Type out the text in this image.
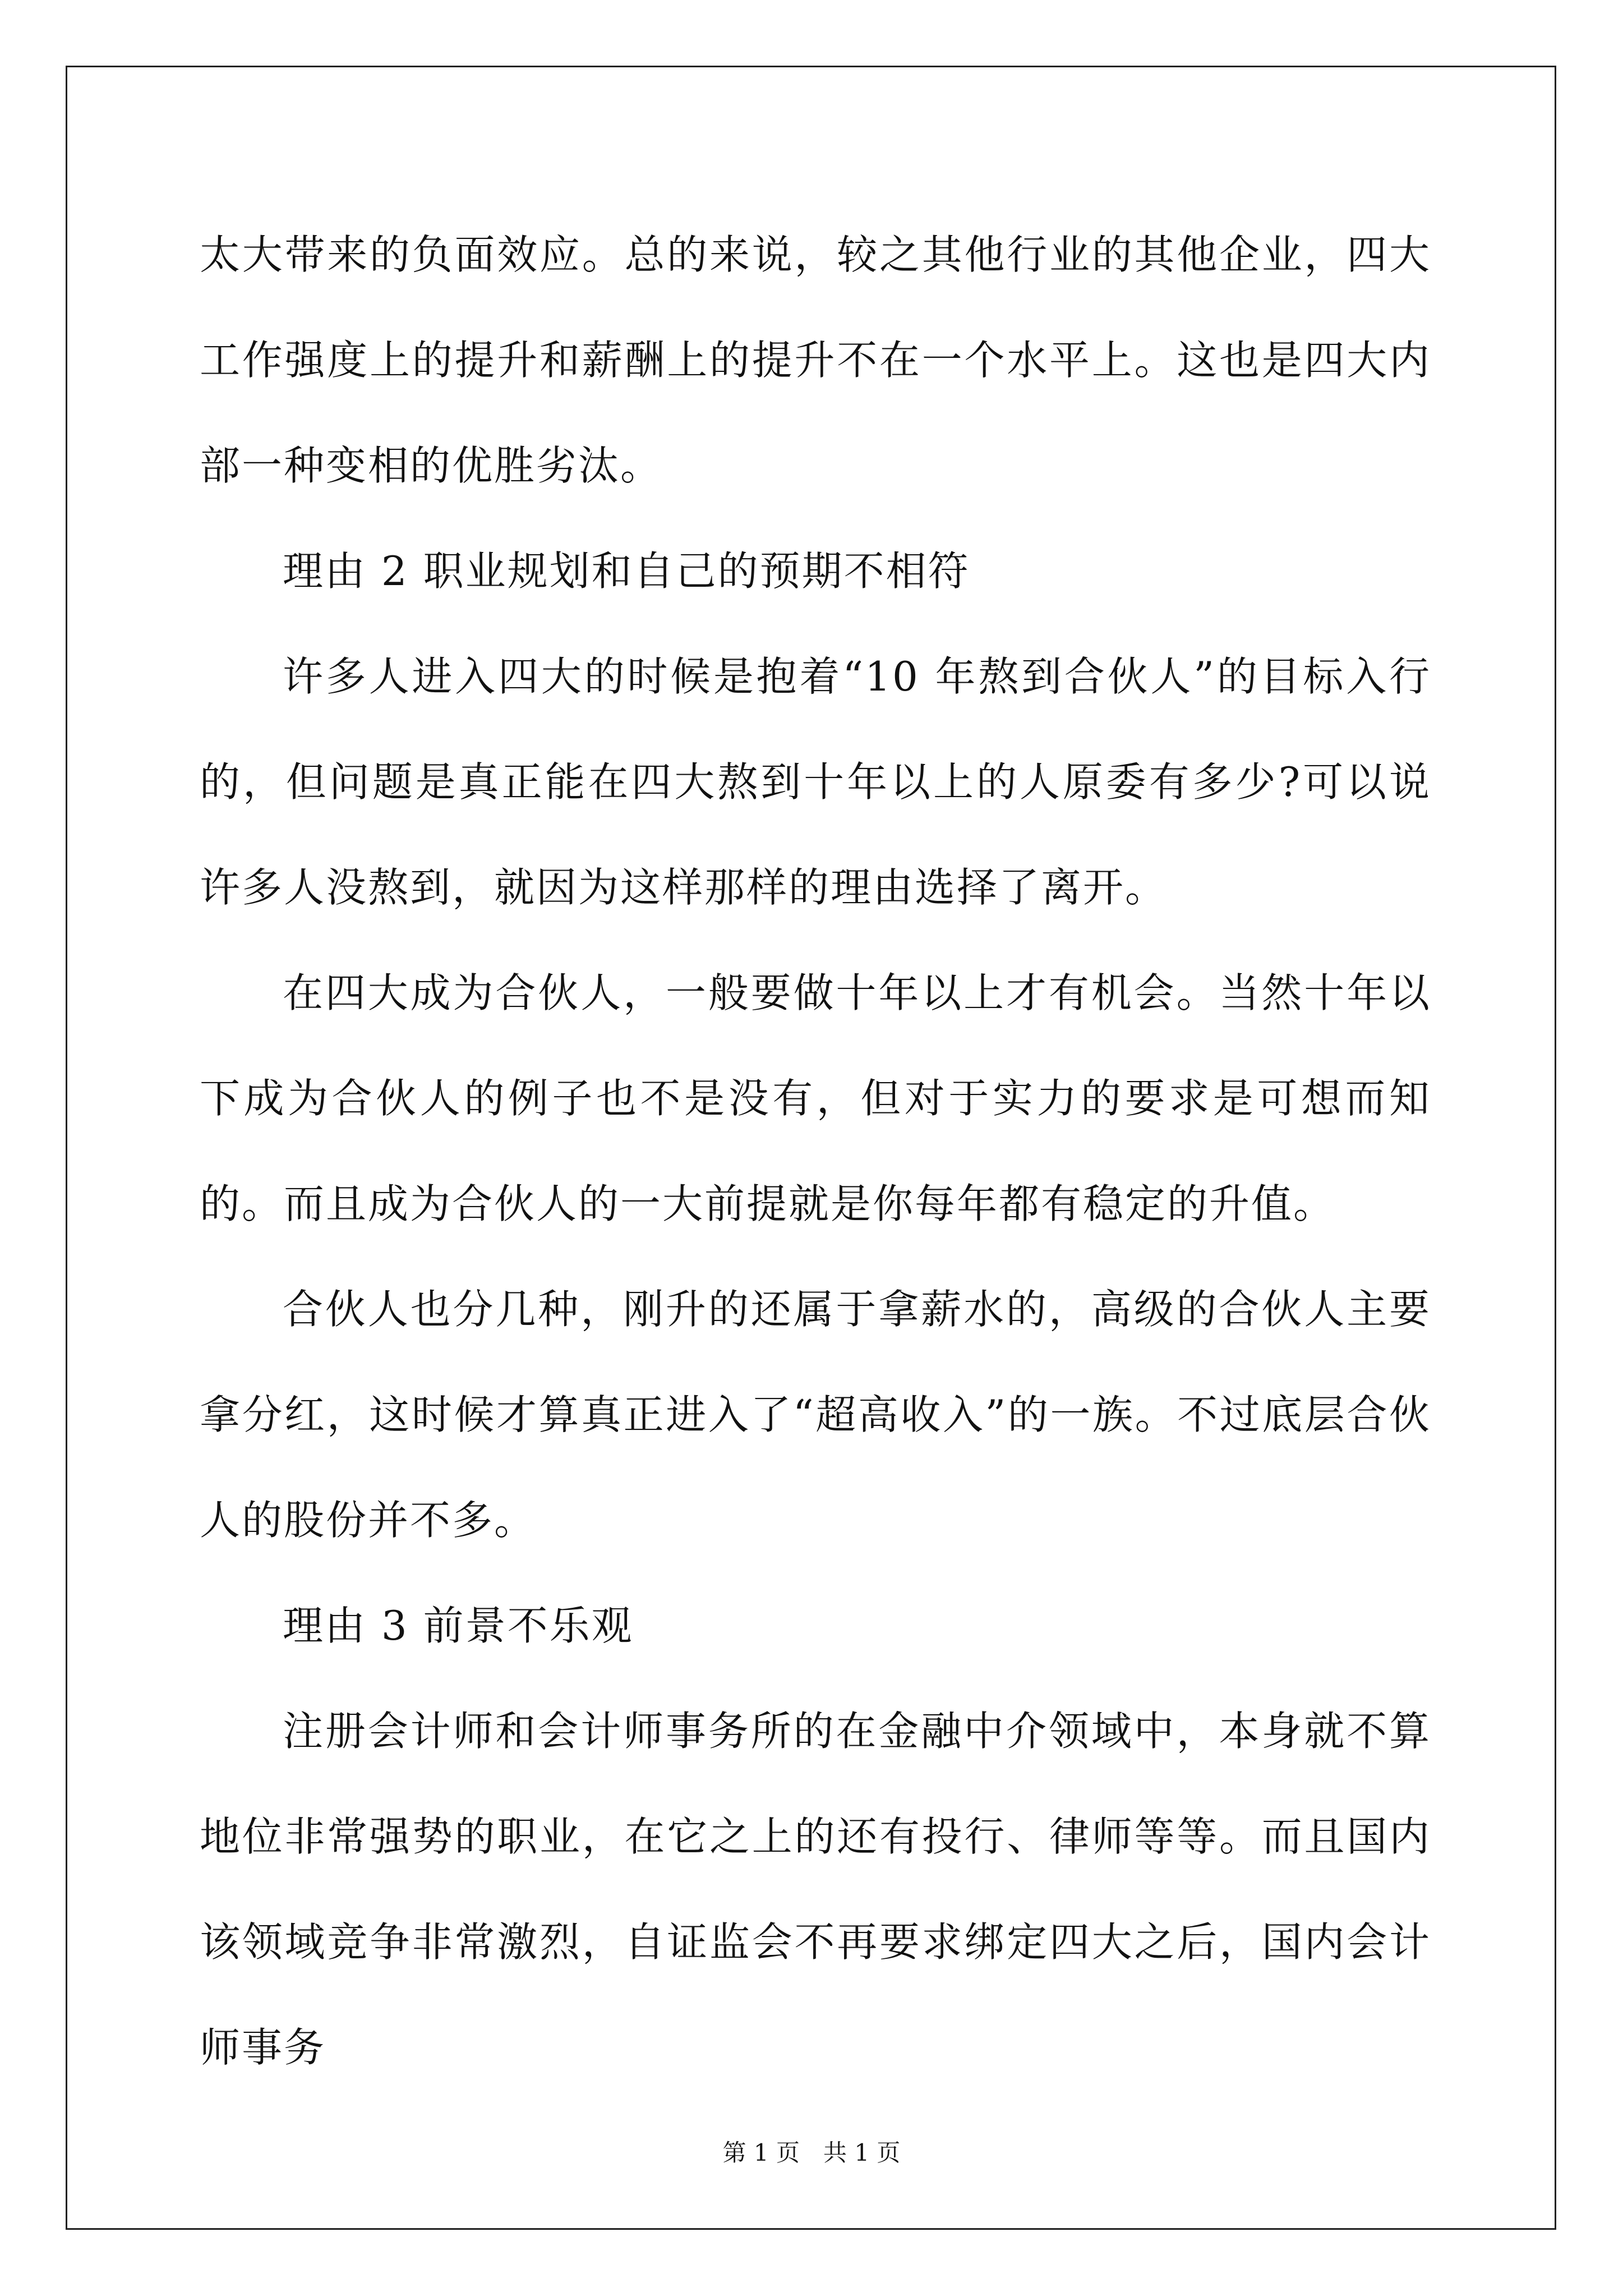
太大带来的负面效应。总的来说，较之其他行业的其他企业，四大工作强度上的提升和薪酬上的提升不在一个水平上。这也是四大内部一种变相的优胜劣汰。

理由 2 职业规划和自己的预期不相符

许多人进入四大的时候是抱着“10 年熬到合伙人”的目标入行的，但问题是真正能在四大熬到十年以上的人原委有多少?可以说许多人没熬到，就因为这样那样的理由选择了离开。

在四大成为合伙人，一般要做十年以上才有机会。当然十年以下成为合伙人的例子也不是没有，但对于实力的要求是可想而知的。而且成为合伙人的一大前提就是你每年都有稳定的升值。

合伙人也分几种，刚升的还属于拿薪水的，高级的合伙人主要拿分红，这时候才算真正进入了“超高收入”的一族。不过底层合伙人的股份并不多。

理由 3 前景不乐观

注册会计师和会计师事务所的在金融中介领域中，本身就不算地位非常强势的职业，在它之上的还有投行、律师等等。而且国内该领域竞争非常激烈，自证监会不再要求绑定四大之后，国内会计师事务

第 1 页　共 1 页
